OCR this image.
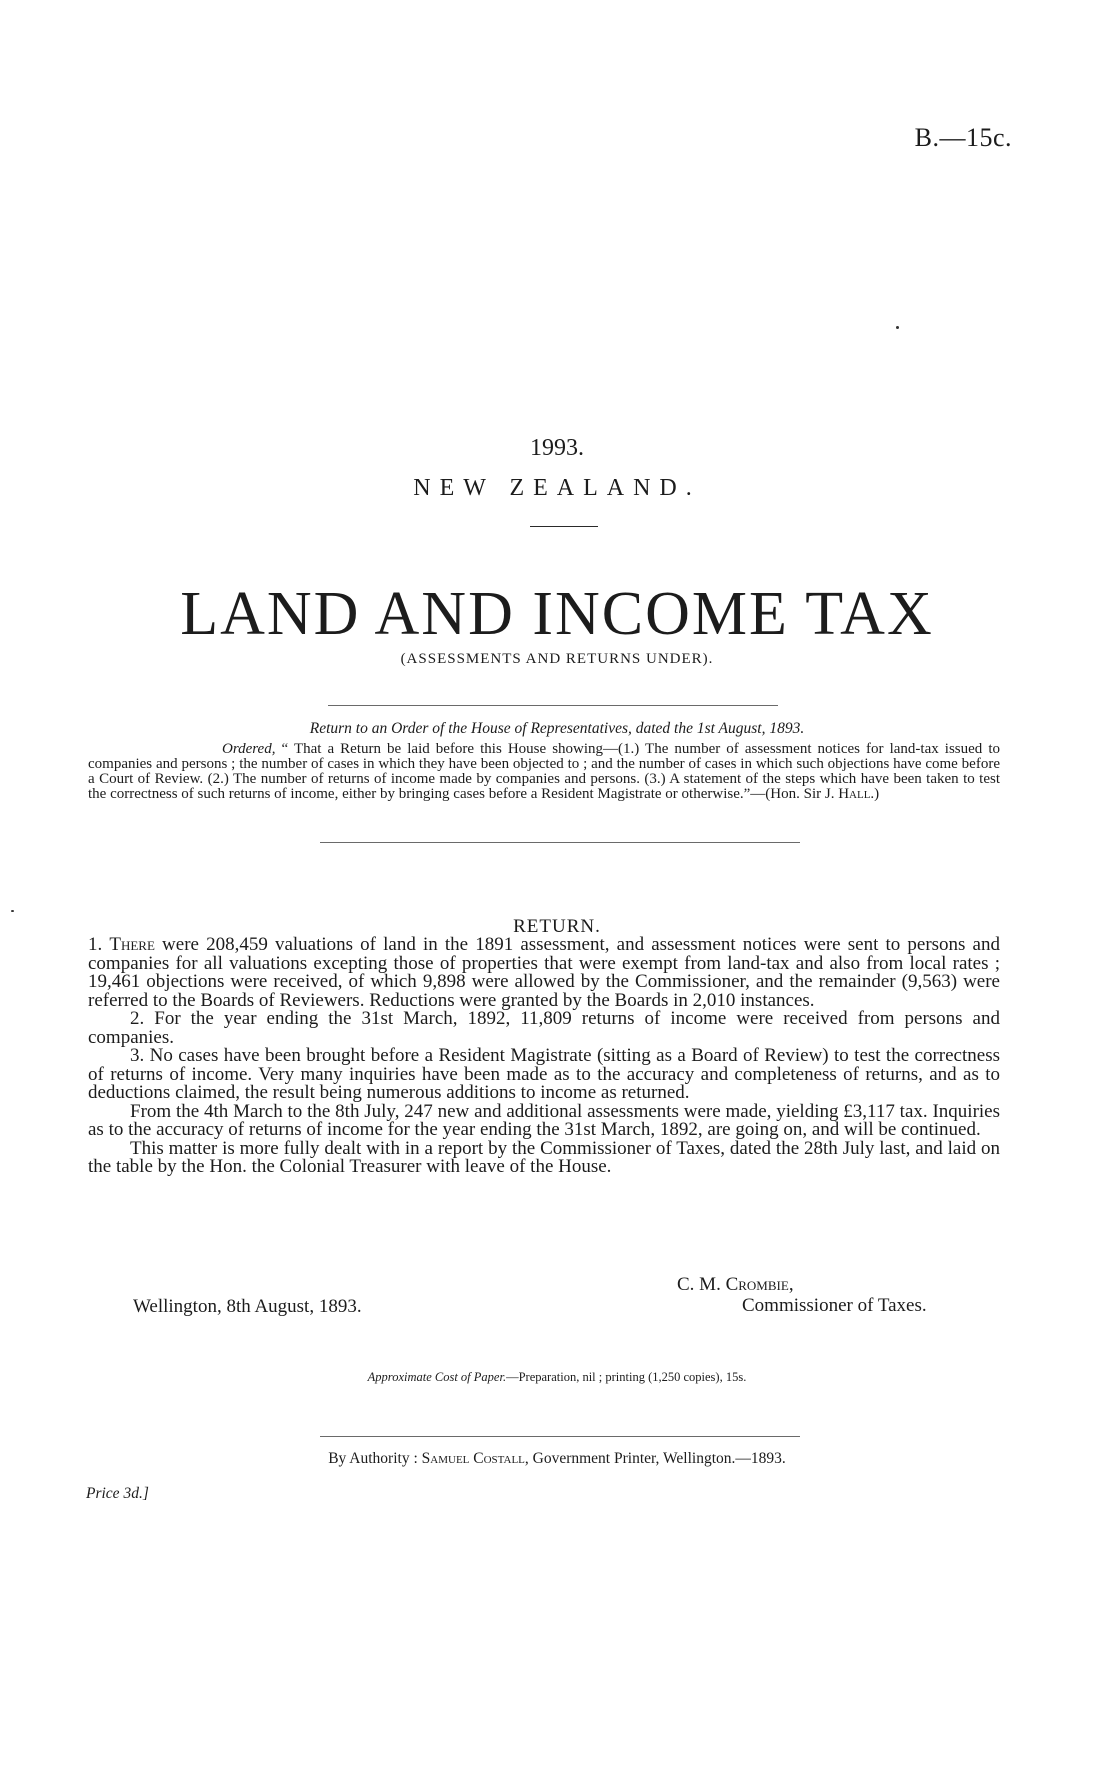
B.—15c.
1993.
NEW ZEALAND.
LAND AND INCOME TAX
(ASSESSMENTS AND RETURNS UNDER).
Return to an Order of the House of Representatives, dated the 1st August, 1893.
Ordered, “ That a Return be laid before this House showing—(1.) The number of assessment notices for land-tax issued to companies and persons ; the number of cases in which they have been objected to ; and the number of cases in which such objections have come before a Court of Review. (2.) The number of returns of income made by companies and persons. (3.) A statement of the steps which have been taken to test the correctness of such returns of income, either by bringing cases before a Resident Magistrate or otherwise.”—(Hon. Sir J. Hall.)
RETURN.

1. There were 208,459 valuations of land in the 1891 assessment, and assessment notices were sent to persons and companies for all valuations excepting those of properties that were exempt from land-tax and also from local rates ; 19,461 objections were received, of which 9,898 were allowed by the Commissioner, and the remainder (9,563) were referred to the Boards of Reviewers. Reductions were granted by the Boards in 2,010 instances.

2. For the year ending the 31st March, 1892, 11,809 returns of income were received from persons and companies.

3. No cases have been brought before a Resident Magistrate (sitting as a Board of Review) to test the correctness of returns of income. Very many inquiries have been made as to the accuracy and completeness of returns, and as to deductions claimed, the result being numerous additions to income as returned.

From the 4th March to the 8th July, 247 new and additional assessments were made, yielding £3,117 tax. Inquiries as to the accuracy of returns of income for the year ending the 31st March, 1892, are going on, and will be continued.

This matter is more fully dealt with in a report by the Commissioner of Taxes, dated the 28th July last, and laid on the table by the Hon. the Colonial Treasurer with leave of the House.

C. M. Crombie,
Commissioner of Taxes.
Wellington, 8th August, 1893.
Approximate Cost of Paper.—Preparation, nil ; printing (1,250 copies), 15s.
By Authority : Samuel Costall, Government Printer, Wellington.—1893.
Price 3d.]
